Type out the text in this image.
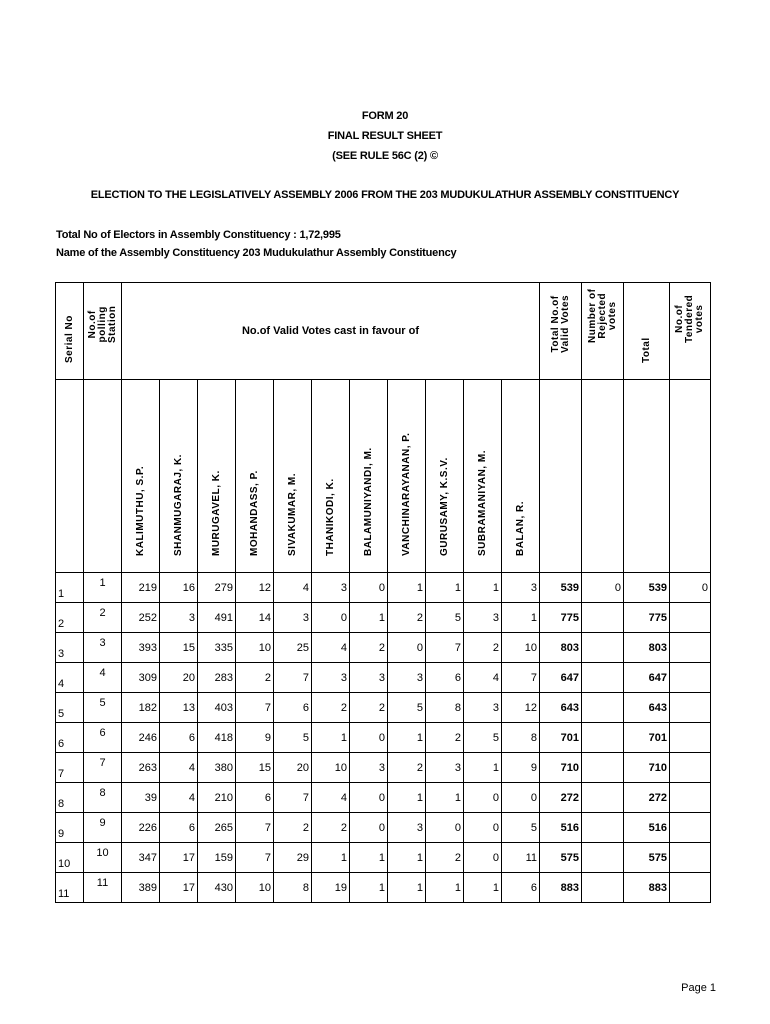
FORM 20
FINAL RESULT SHEET
(SEE RULE 56C (2) ©
ELECTION TO THE LEGISLATIVELY ASSEMBLY 2006 FROM THE 203 MUDUKULATHUR ASSEMBLY CONSTITUENCY
Total No of Electors in Assembly Constituency : 1,72,995
Name of the Assembly Constituency 203 Mudukulathur Assembly Constituency
Serial No	No.of polling Station	No.of Valid Votes cast in favour of											Total No.of Valid Votes	Number of Rejected votes	Total	No.of Tendered votes

		KALIMUTHU, S.P.	SHANMUGARAJ, K.	MURUGAVEL, K.	MOHANDASS, P.	SIVAKUMAR, M.	THANIKODI, K.	BALAMUNIYANDI, M.	VANCHINARAYANAN, P.	GURUSAMY, K.S.V.	SUBRAMANIYAN, M.	BALAN, R.				

1	1	219	16	279	12	4	3	0	1	1	1	3	539	0	539	0
2	2	252	3	491	14	3	0	1	2	5	3	1	775		775	
3	3	393	15	335	10	25	4	2	0	7	2	10	803		803	
4	4	309	20	283	2	7	3	3	3	6	4	7	647		647	
5	5	182	13	403	7	6	2	2	5	8	3	12	643		643	
6	6	246	6	418	9	5	1	0	1	2	5	8	701		701	
7	7	263	4	380	15	20	10	3	2	3	1	9	710		710	
8	8	39	4	210	6	7	4	0	1	1	0	0	272		272	
9	9	226	6	265	7	2	2	0	3	0	0	5	516		516	
10	10	347	17	159	7	29	1	1	1	2	0	11	575		575	
11	11	389	17	430	10	8	19	1	1	1	1	6	883		883	
Page 1
